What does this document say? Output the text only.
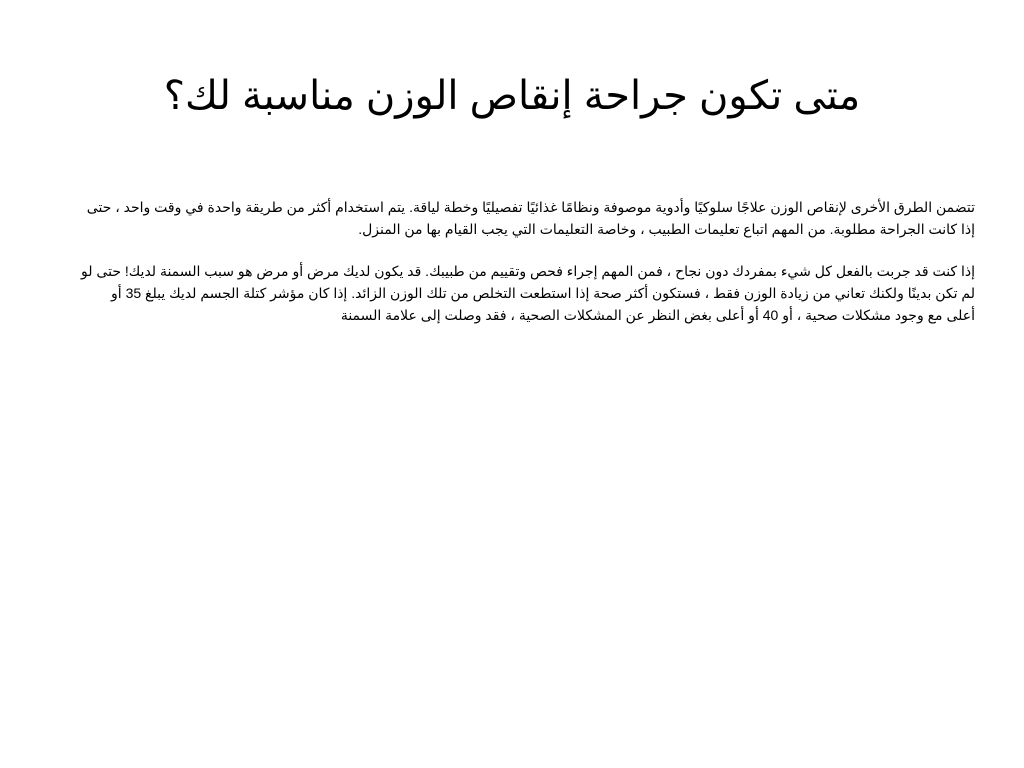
متى تكون جراحة إنقاص الوزن مناسبة لك؟

تتضمن الطرق الأخرى لإنقاص الوزن علاجًا سلوكيًا وأدوية موصوفة ونظامًا غذائيًا تفصيليًا وخطة لياقة. يتم استخدام أكثر من طريقة واحدة في وقت واحد ، حتى إذا كانت الجراحة مطلوبة. من المهم اتباع تعليمات الطبيب ، وخاصة التعليمات التي يجب القيام بها من المنزل.

إذا كنت قد جربت بالفعل كل شيء بمفردك دون نجاح ، فمن المهم إجراء فحص وتقييم من طبيبك. قد يكون لديك مرض أو مرض هو سبب السمنة لديك! حتى لو لم تكن بدينًا ولكنك تعاني من زيادة الوزن فقط ، فستكون أكثر صحة إذا استطعت التخلص من تلك الوزن الزائد. إذا كان مؤشر كتلة الجسم لديك يبلغ 35 أو أعلى مع وجود مشكلات صحية ، أو 40 أو أعلى بغض النظر عن المشكلات الصحية ، فقد وصلت إلى علامة السمنة
